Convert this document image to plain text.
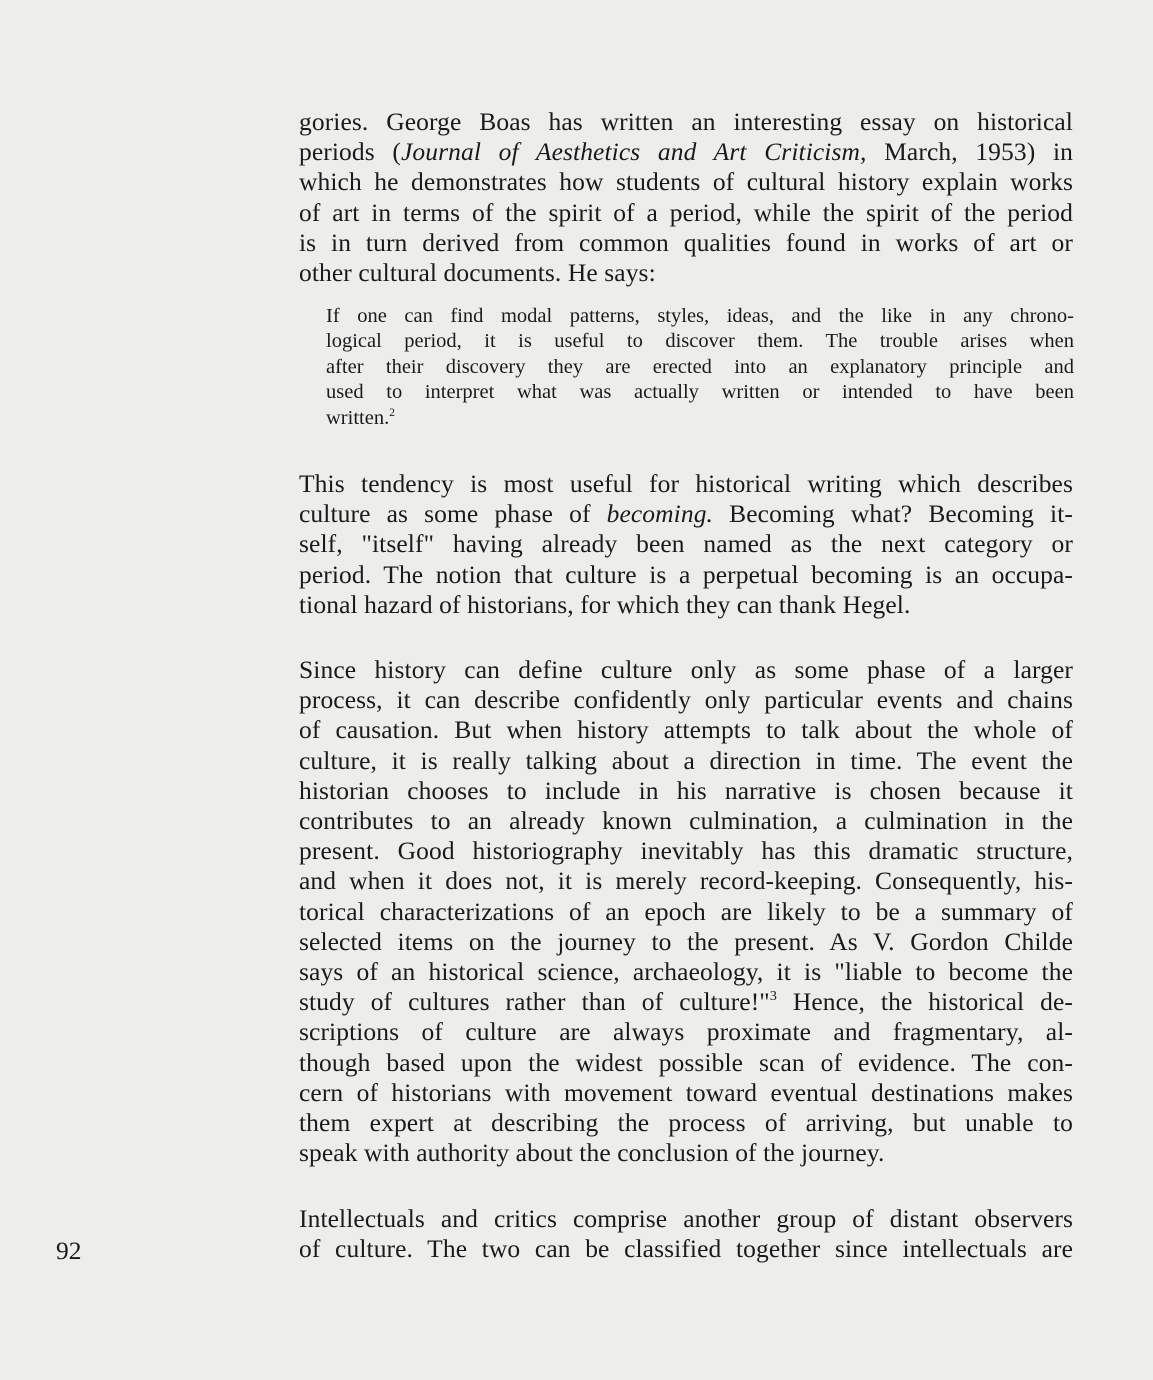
92

gories. George Boas has written an interesting essay on historical
periods (Journal of Aesthetics and Art Criticism, March, 1953) in
which he demonstrates how students of cultural history explain works
of art in terms of the spirit of a period, while the spirit of the period
is in turn derived from common qualities found in works of art or
other cultural documents. He says:

If one can find modal patterns, styles, ideas, and the like in any chrono-
logical period, it is useful to discover them. The trouble arises when
after their discovery they are erected into an explanatory principle and
used to interpret what was actually written or intended to have been
written.$^2$

This tendency is most useful for historical writing which describes
culture as some phase of becoming. Becoming what? Becoming it-
self, "itself" having already been named as the next category or
period. The notion that culture is a perpetual becoming is an occupa-
tional hazard of historians, for which they can thank Hegel.

Since history can define culture only as some phase of a larger
process, it can describe confidently only particular events and chains
of causation. But when history attempts to talk about the whole of
culture, it is really talking about a direction in time. The event the
historian chooses to include in his narrative is chosen because it
contributes to an already known culmination, a culmination in the
present. Good historiography inevitably has this dramatic structure,
and when it does not, it is merely record-keeping. Consequently, his-
torical characterizations of an epoch are likely to be a summary of
selected items on the journey to the present. As V. Gordon Childe
says of an historical science, archaeology, it is "liable to become the
study of cultures rather than of culture!"$^3$ Hence, the historical de-
scriptions of culture are always proximate and fragmentary, al-
though based upon the widest possible scan of evidence. The con-
cern of historians with movement toward eventual destinations makes
them expert at describing the process of arriving, but unable to
speak with authority about the conclusion of the journey.

Intellectuals and critics comprise another group of distant observers
of culture. The two can be classified together since intellectuals are
